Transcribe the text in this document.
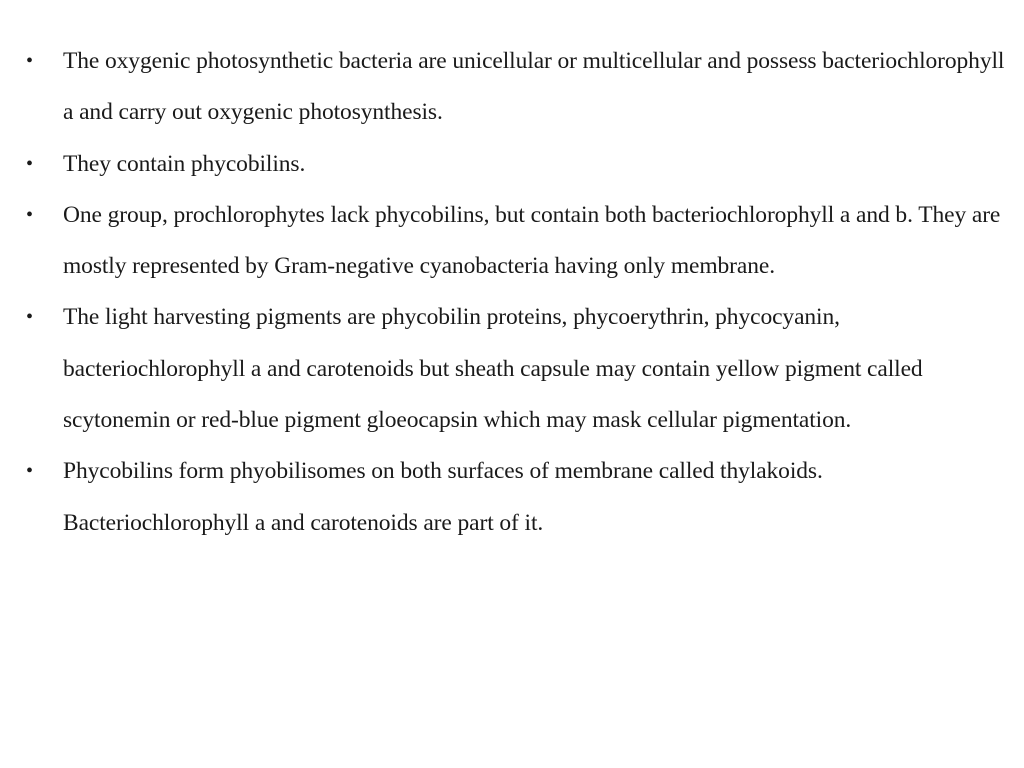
• The oxygenic photosynthetic bacteria are unicellular or multicellular and possess bacteriochlorophyll a and carry out oxygenic photosynthesis.
• They contain phycobilins.
• One group, prochlorophytes lack phycobilins, but contain both bacteriochlorophyll a and b. They are mostly represented by Gram-negative cyanobacteria having only membrane.
• The light harvesting pigments are phycobilin proteins, phycoerythrin, phycocyanin, bacteriochlorophyll a and carotenoids but sheath capsule may contain yellow pigment called scytonemin or red-blue pigment gloeocapsin which may mask cellular pigmentation.
• Phycobilins form phyobilisomes on both surfaces of membrane called thylakoids. Bacteriochlorophyll a and carotenoids are part of it.
